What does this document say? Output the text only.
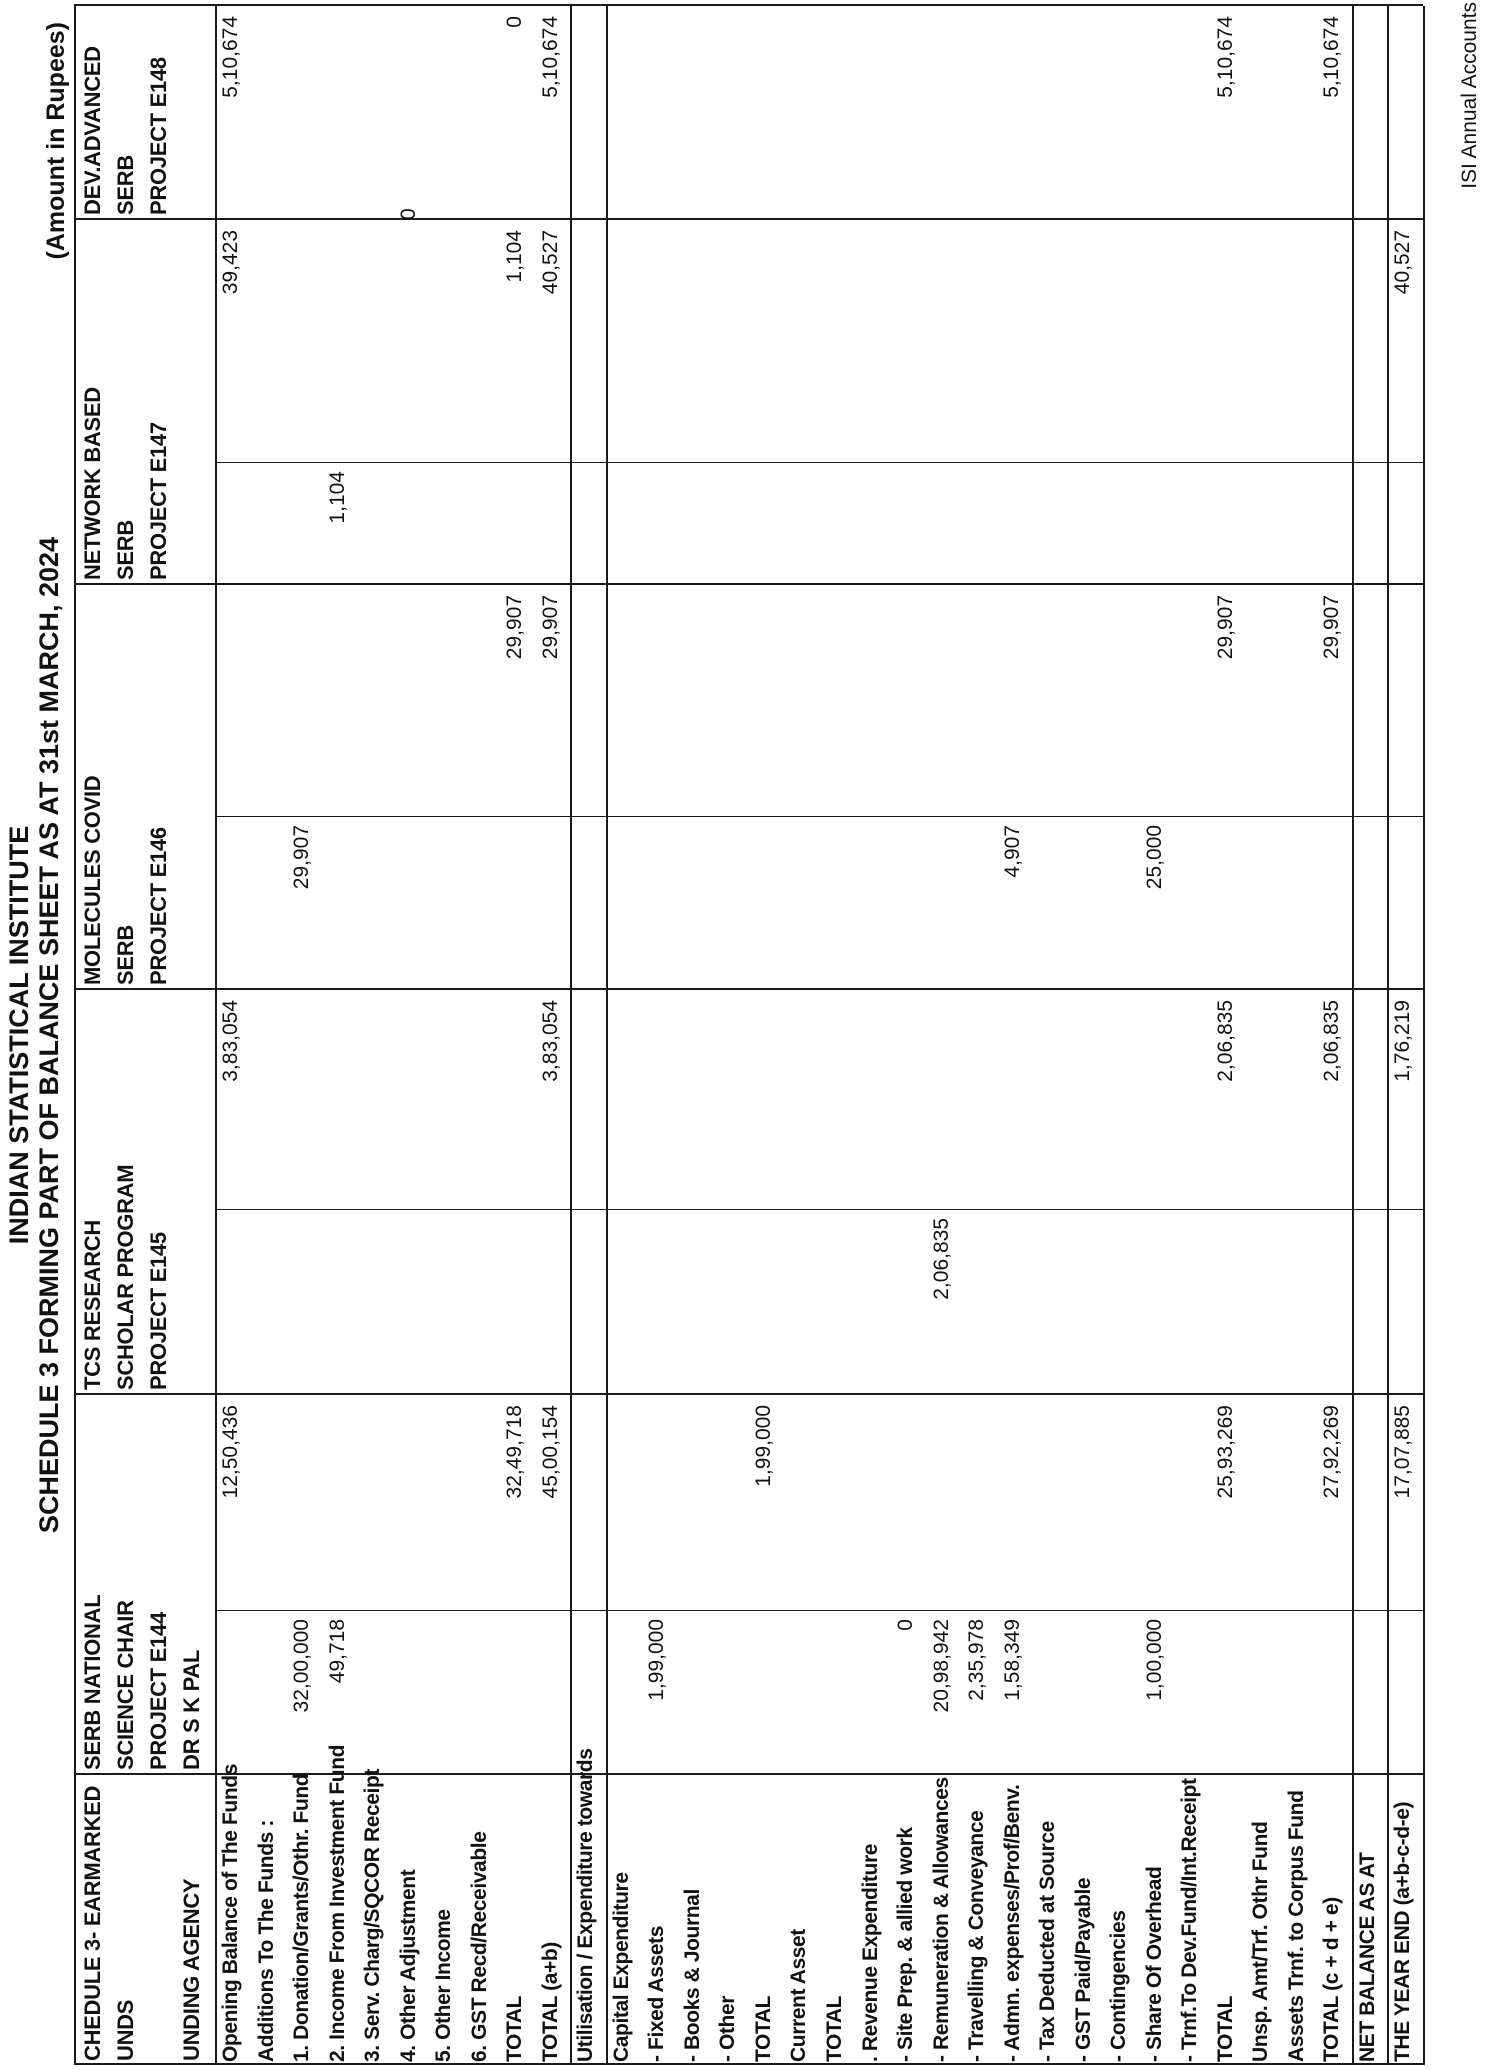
INDIAN STATISTICAL INSTITUTE SCHEDULE 3 FORMING PART OF BALANCE SHEET AS AT 31st MARCH, 2024
(Amount in Rupees)
CHEDULE 3- EARMARKED UNDS UNDING AGENCY
SERB NATIONAL SCIENCE CHAIR PROJECT E144 DR S K PAL
TCS RESEARCH SCHOLAR PROGRAM PROJECT E145
MOLECULES COVID SERB PROJECT E146
NETWORK BASED SERB PROJECT E147
DEV.ADVANCED SERB PROJECT E148
Opening Balance of The Funds
12,50,436
3,83,054
39,423
5,10,674
Additions To The Funds : 1. Donation/Grants/Othr. Fund
32,00,000
29,907
2. Income From Investment Fund
49,718
1,104
3. Serv. Charg/SQCOR Receipt 4. Other Adjustment
0
5. Other Income 6. GST Recd/Receivable TOTAL
32,49,718
29,907
1,104
0
TOTAL (a+b)
45,00,154
3,83,054
29,907
40,527
5,10,674
Utilisation / Expenditure towards Capital Expenditure - Fixed Assets
1,99,000
- Books & Journal - Other TOTAL
1,99,000
Current Asset TOTAL . Revenue Expenditure - Site Prep. & allied work
0
- Remuneration & Allowances
20,98,942
2,06,835
- Travelling & Conveyance
2,35,978
- Admn. expenses/Prof/Benv.
1,58,349
4,907
- Tax Deducted at Source - GST Paid/Payable - Contingencies - Share Of Overhead
1,00,000
25,000
- Trnf.To Dev.Fund/Int.Receipt TOTAL
25,93,269
2,06,835
29,907
5,10,674
Unsp. Amt/Trf. Othr Fund Assets Trnf. to Corpus Fund TOTAL (c + d + e)
27,92,269
2,06,835
29,907
5,10,674
NET BALANCE AS AT THE YEAR END (a+b-c-d-e)
17,07,885
1,76,219
40,527
ISI Annual Accounts
